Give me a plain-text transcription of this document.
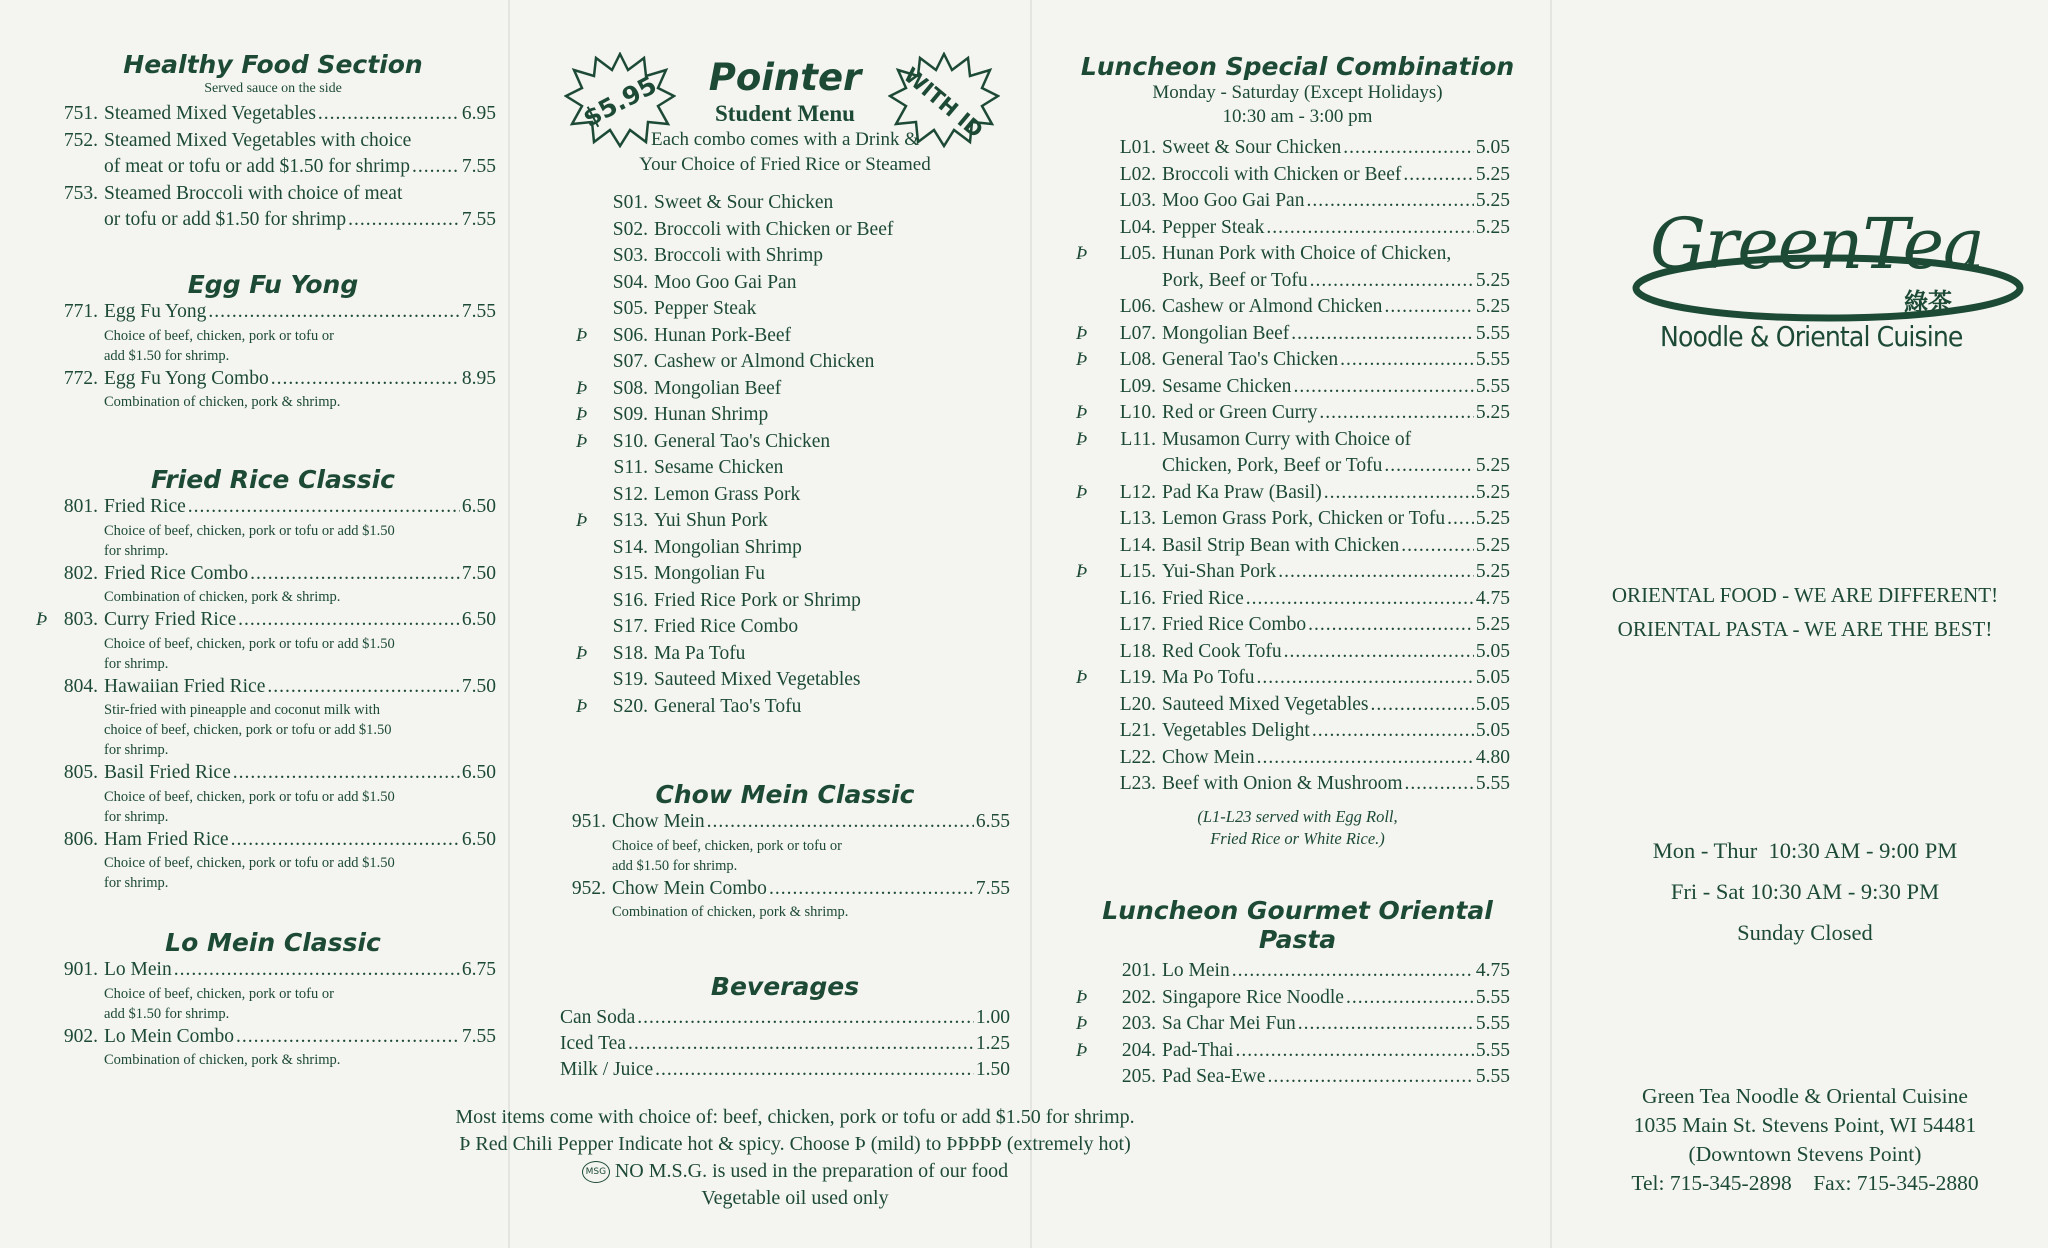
Healthy Food Section

Served sauce on the side

751. Steamed Mixed Vegetables .....	6.95
752. Steamed Mixed Vegetables with choice
of meat or tofu or add $1.50 for shrimp .....	7.55
753. Steamed Broccoli with choice of meat
or tofu or add $1.50 for shrimp .....	7.55
Egg Fu Yong
771. Egg Fu Yong .....	7.55
Choice of beef, chicken, pork or tofu or
add $1.50 for shrimp.
772. Egg Fu Yong Combo .....	8.95
Combination of chicken, pork & shrimp.
Fried Rice Classic
801. Fried Rice .....	6.50
Choice of beef, chicken, pork or tofu or add $1.50
for shrimp.
802. Fried Rice Combo .....	7.50
Combination of chicken, pork & shrimp.
Ϸ 803. Curry Fried Rice .....	6.50
Choice of beef, chicken, pork or tofu or add $1.50
for shrimp.
804. Hawaiian Fried Rice .....	7.50
Stir-fried with pineapple and coconut milk with
choice of beef, chicken, pork or tofu or add $1.50
for shrimp.
805. Basil Fried Rice .....	6.50
Choice of beef, chicken, pork or tofu or add $1.50
for shrimp.
806. Ham Fried Rice .....	6.50
Choice of beef, chicken, pork or tofu or add $1.50
for shrimp.
Lo Mein Classic
901. Lo Mein .....	6.75
Choice of beef, chicken, pork or tofu or
add $1.50 for shrimp.
902. Lo Mein Combo .....	7.55
Combination of chicken, pork & shrimp.
$5.95	WITH ID
Pointer
Student Menu
Each combo comes with a Drink &
Your Choice of Fried Rice or Steamed
S01. Sweet & Sour Chicken
S02. Broccoli with Chicken or Beef
S03. Broccoli with Shrimp
S04. Moo Goo Gai Pan
S05. Pepper Steak
Ϸ S06. Hunan Pork-Beef
S07. Cashew or Almond Chicken
Ϸ S08. Mongolian Beef
Ϸ S09. Hunan Shrimp
Ϸ S10. General Tao's Chicken
S11. Sesame Chicken
S12. Lemon Grass Pork
Ϸ S13. Yui Shun Pork
S14. Mongolian Shrimp
S15. Mongolian Fu
S16. Fried Rice Pork or Shrimp
S17. Fried Rice Combo
Ϸ S18. Ma Pa Tofu
S19. Sauteed Mixed Vegetables
Ϸ S20. General Tao's Tofu
Chow Mein Classic
951. Chow Mein .....	6.55
Choice of beef, chicken, pork or tofu or
add $1.50 for shrimp.
952. Chow Mein Combo .....	7.55
Combination of chicken, pork & shrimp.
Beverages
Can Soda .....	1.00
Iced Tea .....	1.25
Milk / Juice .....	1.50
Most items come with choice of: beef, chicken, pork or tofu or add $1.50 for shrimp.
Ϸ Red Chili Pepper Indicate hot & spicy. Choose Ϸ (mild) to ϷϷϷϷϷ (extremely hot)
MSG NO M.S.G. is used in the preparation of our food
Vegetable oil used only
Luncheon Special Combination

Monday - Saturday (Except Holidays)

10:30 am - 3:00 pm

L01. Sweet & Sour Chicken .....	5.05
L02. Broccoli with Chicken or Beef .....	5.25
L03. Moo Goo Gai Pan .....	5.25
L04. Pepper Steak .....	5.25
Ϸ L05. Hunan Pork with Choice of Chicken,
Pork, Beef or Tofu .....	5.25
L06. Cashew or Almond Chicken .....	5.25
Ϸ L07. Mongolian Beef .....	5.55
Ϸ L08. General Tao's Chicken .....	5.55
L09. Sesame Chicken .....	5.55
Ϸ L10. Red or Green Curry .....	5.25
Ϸ L11. Musamon Curry with Choice of
Chicken, Pork, Beef or Tofu .....	5.25
Ϸ L12. Pad Ka Praw (Basil) .....	5.25
L13. Lemon Grass Pork, Chicken or Tofu ..... 5.25
L14. Basil Strip Bean with Chicken .....	5.25
Ϸ L15. Yui-Shan Pork .....	5.25
L16. Fried Rice .....	4.75
L17. Fried Rice Combo .....	5.25
L18. Red Cook Tofu .....	5.05
Ϸ L19. Ma Po Tofu .....	5.05
L20. Sauteed Mixed Vegetables .....	5.05
L21. Vegetables Delight .....	5.05
L22. Chow Mein .....	4.80
L23. Beef with Onion & Mushroom .....	5.55
(L1-L23 served with Egg Roll,
Fried Rice or White Rice.)
Luncheon Gourmet Oriental Pasta
201. Lo Mein .....	4.75
Ϸ 202. Singapore Rice Noodle .....	5.55
Ϸ 203. Sa Char Mei Fun .....	5.55
Ϸ 204. Pad-Thai .....	5.55
205. Pad Sea-Ewe .....	5.55
GreenTea
綠茶
Noodle & Oriental Cuisine
ORIENTAL FOOD - WE ARE DIFFERENT!
ORIENTAL PASTA - WE ARE THE BEST!
Mon - Thur  10:30 AM - 9:00 PM
Fri - Sat 10:30 AM - 9:30 PM
Sunday Closed
Green Tea Noodle & Oriental Cuisine
1035 Main St. Stevens Point, WI 54481
(Downtown Stevens Point)
Tel: 715-345-2898    Fax: 715-345-2880
